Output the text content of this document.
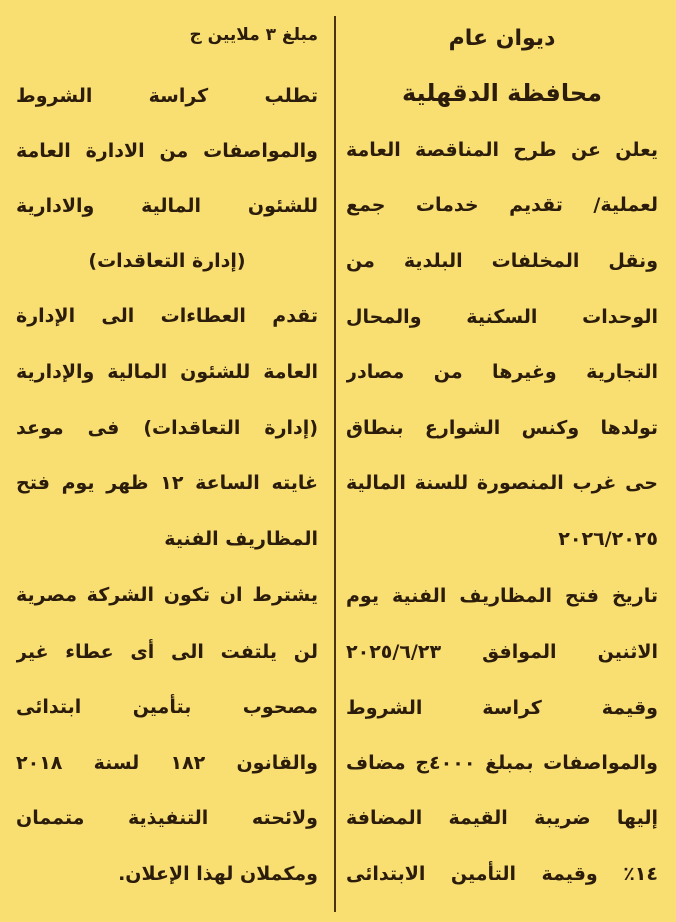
ديوان عام
محافظة الدقهلية
يعلن عن طرح المناقصة العامة
لعملية/ تقديم خدمات جمع
ونقل المخلفات البلدية من
الوحدات السكنية والمحال
التجارية وغيرها من مصادر
تولدها وكنس الشوارع بنطاق
حى غرب المنصورة للسنة المالية
٢٠٢٦/٢٠٢٥
تاريخ فتح المظاريف الفنية يوم
الاثنين الموافق ٢٠٢٥/٦/٢٣
وقيمة كراسة الشروط
والمواصفات بمبلغ ٤٠٠٠ج مضاف
إليها ضريبة القيمة المضافة
١٤٪ وقيمة التأمين الابتدائى
مبلغ ٣ ملايين ج
تطلب كراسة الشروط
والمواصفات من الادارة العامة
للشئون المالية والادارية
(إدارة التعاقدات)
تقدم العطاءات الى الإدارة
العامة للشئون المالية والإدارية
(إدارة التعاقدات) فى موعد
غايته الساعة ١٢ ظهر يوم فتح
المظاريف الفنية
يشترط ان تكون الشركة مصرية
لن يلتفت الى أى عطاء غير
مصحوب بتأمين ابتدائى
والقانون ١٨٢ لسنة ٢٠١٨
ولائحته التنفيذية متممان
ومكملان لهذا الإعلان.
